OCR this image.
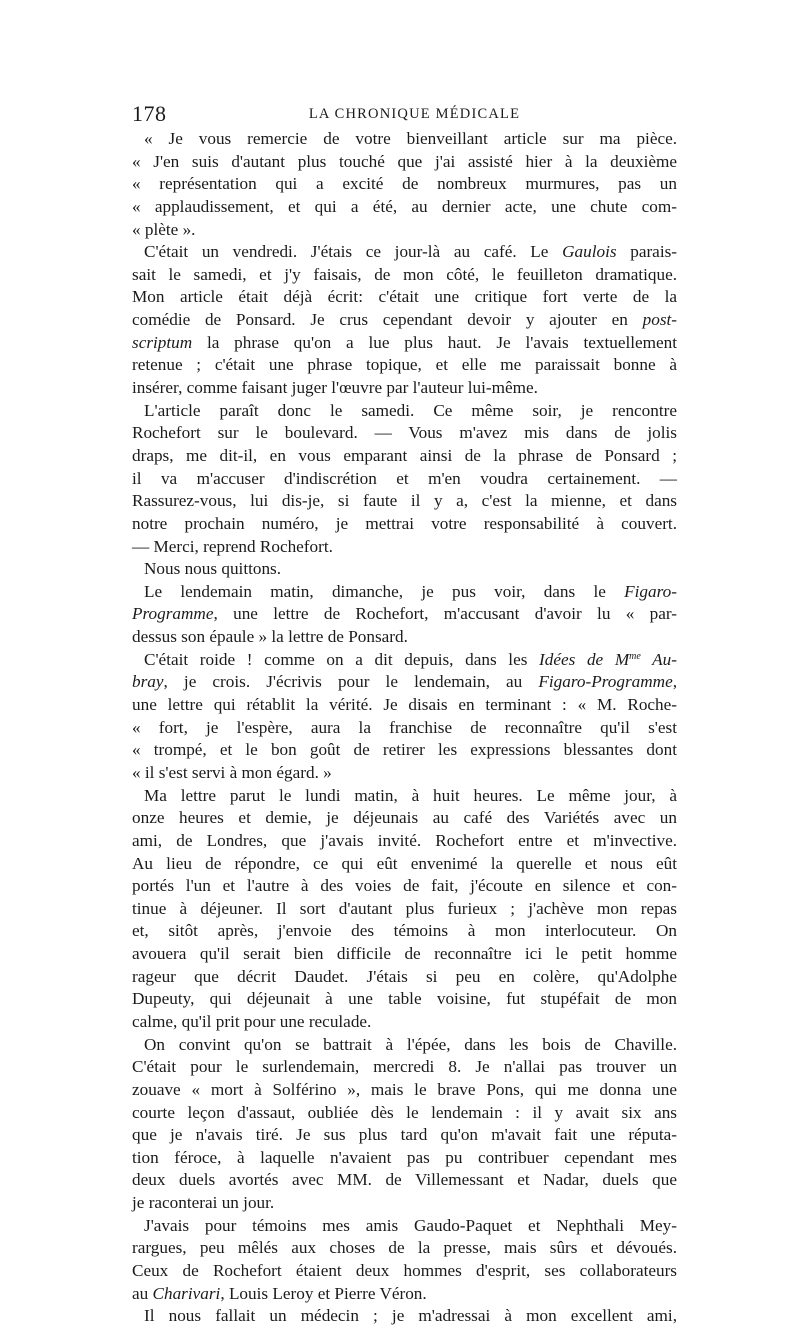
178	LA CHRONIQUE MÉDICALE
« Je vous remercie de votre bienveillant article sur ma pièce.
« J'en suis d'autant plus touché que j'ai assisté hier à la deuxième
« représentation qui a excité de nombreux murmures, pas un
« applaudissement, et qui a été, au dernier acte, une chute com-
« plète ».
C'était un vendredi. J'étais ce jour-là au café. Le Gaulois parais-
sait le samedi, et j'y faisais, de mon côté, le feuilleton dramatique.
Mon article était déjà écrit: c'était une critique fort verte de la
comédie de Ponsard. Je crus cependant devoir y ajouter en post-
scriptum la phrase qu'on a lue plus haut. Je l'avais textuellement
retenue ; c'était une phrase topique, et elle me paraissait bonne à
insérer, comme faisant juger l'œuvre par l'auteur lui-même.
L'article paraît donc le samedi. Ce même soir, je rencontre
Rochefort sur le boulevard. — Vous m'avez mis dans de jolis
draps, me dit-il, en vous emparant ainsi de la phrase de Ponsard ;
il va m'accuser d'indiscrétion et m'en voudra certainement. —
Rassurez-vous, lui dis-je, si faute il y a, c'est la mienne, et dans
notre prochain numéro, je mettrai votre responsabilité à couvert.
— Merci, reprend Rochefort.
Nous nous quittons.
Le lendemain matin, dimanche, je pus voir, dans le Figaro-
Programme, une lettre de Rochefort, m'accusant d'avoir lu « par-
dessus son épaule » la lettre de Ponsard.
C'était roide ! comme on a dit depuis, dans les Idées de $M^{me}$ Au-
bray, je crois. J'écrivis pour le lendemain, au Figaro-Programme,
une lettre qui rétablit la vérité. Je disais en terminant : « M. Roche-
« fort, je l'espère, aura la franchise de reconnaître qu'il s'est
« trompé, et le bon goût de retirer les expressions blessantes dont
« il s'est servi à mon égard. »
Ma lettre parut le lundi matin, à huit heures. Le même jour, à
onze heures et demie, je déjeunais au café des Variétés avec un
ami, de Londres, que j'avais invité. Rochefort entre et m'invective.
Au lieu de répondre, ce qui eût envenimé la querelle et nous eût
portés l'un et l'autre à des voies de fait, j'écoute en silence et con-
tinue à déjeuner. Il sort d'autant plus furieux ; j'achève mon repas
et, sitôt après, j'envoie des témoins à mon interlocuteur. On
avouera qu'il serait bien difficile de reconnaître ici le petit homme
rageur que décrit Daudet. J'étais si peu en colère, qu'Adolphe
Dupeuty, qui déjeunait à une table voisine, fut stupéfait de mon
calme, qu'il prit pour une reculade.
On convint qu'on se battrait à l'épée, dans les bois de Chaville.
C'était pour le surlendemain, mercredi 8. Je n'allai pas trouver un
zouave « mort à Solférino », mais le brave Pons, qui me donna une
courte leçon d'assaut, oubliée dès le lendemain : il y avait six ans
que je n'avais tiré. Je sus plus tard qu'on m'avait fait une réputa-
tion féroce, à laquelle n'avaient pas pu contribuer cependant mes
deux duels avortés avec MM. de Villemessant et Nadar, duels que
je raconterai un jour.
J'avais pour témoins mes amis Gaudo-Paquet et Nephthali Mey-
rargues, peu mêlés aux choses de la presse, mais sûrs et dévoués.
Ceux de Rochefort étaient deux hommes d'esprit, ses collaborateurs
au Charivari, Louis Leroy et Pierre Véron.
Il nous fallait un médecin ; je m'adressai à mon excellent ami,
